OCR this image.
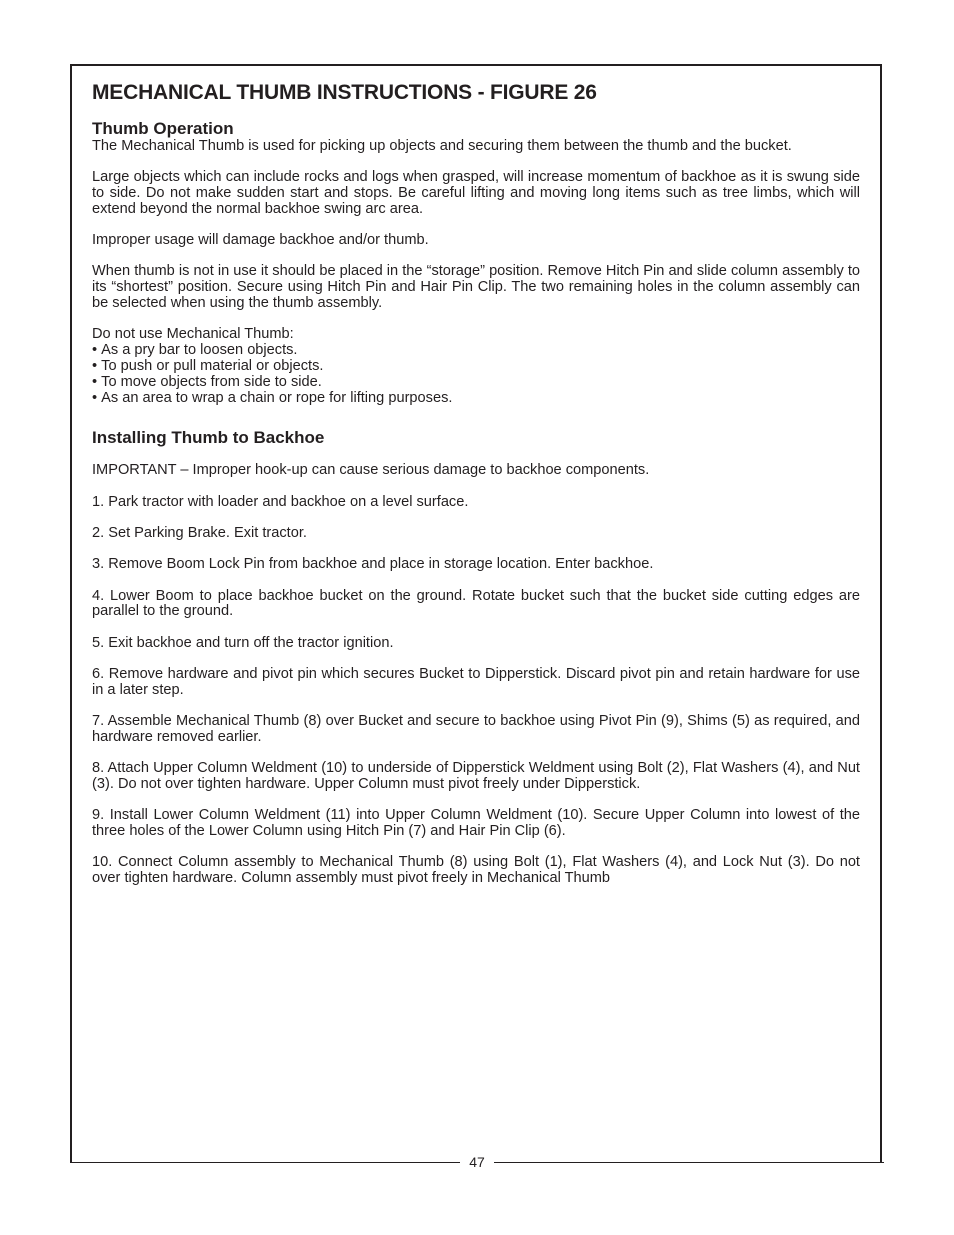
47
MECHANICAL THUMB INSTRUCTIONS - FIGURE 26
Thumb Operation

The Mechanical Thumb is used for picking up objects and securing them between the thumb and the bucket.

Large objects which can include rocks and logs when grasped, will increase momentum of backhoe as it is swung side to side. Do not make sudden start and stops. Be careful lifting and moving long items such as tree limbs, which will extend beyond the normal backhoe swing arc area.

Improper usage will damage backhoe and/or thumb.

When thumb is not in use it should be placed in the “storage” position. Remove Hitch Pin and slide column assembly to its “shortest” position. Secure using Hitch Pin and Hair Pin Clip. The two remaining holes in the column assembly can be selected when using the thumb assembly.

Do not use Mechanical Thumb:

• As a pry bar to loosen objects.
• To push or pull material or objects.
• To move objects from side to side.
• As an area to wrap a chain or rope for lifting purposes.
Installing Thumb to Backhoe

IMPORTANT – Improper hook-up can cause serious damage to backhoe components.

1. Park tractor with loader and backhoe on a level surface.
2. Set Parking Brake. Exit tractor.
3. Remove Boom Lock Pin from backhoe and place in storage location. Enter backhoe.
4. Lower Boom to place backhoe bucket on the ground. Rotate bucket such that the bucket side cutting edges are parallel to the ground.
5. Exit backhoe and turn off the tractor ignition.
6. Remove hardware and pivot pin which secures Bucket to Dipperstick. Discard pivot pin and retain hardware for use in a later step.
7. Assemble Mechanical Thumb (8) over Bucket and secure to backhoe using Pivot Pin (9), Shims (5) as required, and hardware removed earlier.
8. Attach Upper Column Weldment (10) to underside of Dipperstick Weldment using Bolt (2), Flat Washers (4), and Nut (3). Do not over tighten hardware. Upper Column must pivot freely under Dipperstick.
9. Install Lower Column Weldment (11) into Upper Column Weldment (10). Secure Upper Column into lowest of the three holes of the Lower Column using Hitch Pin (7) and Hair Pin Clip (6).
10. Connect Column assembly to Mechanical Thumb (8) using Bolt (1), Flat Washers (4), and Lock Nut (3). Do not over tighten hardware. Column assembly must pivot freely in Mechanical Thumb
